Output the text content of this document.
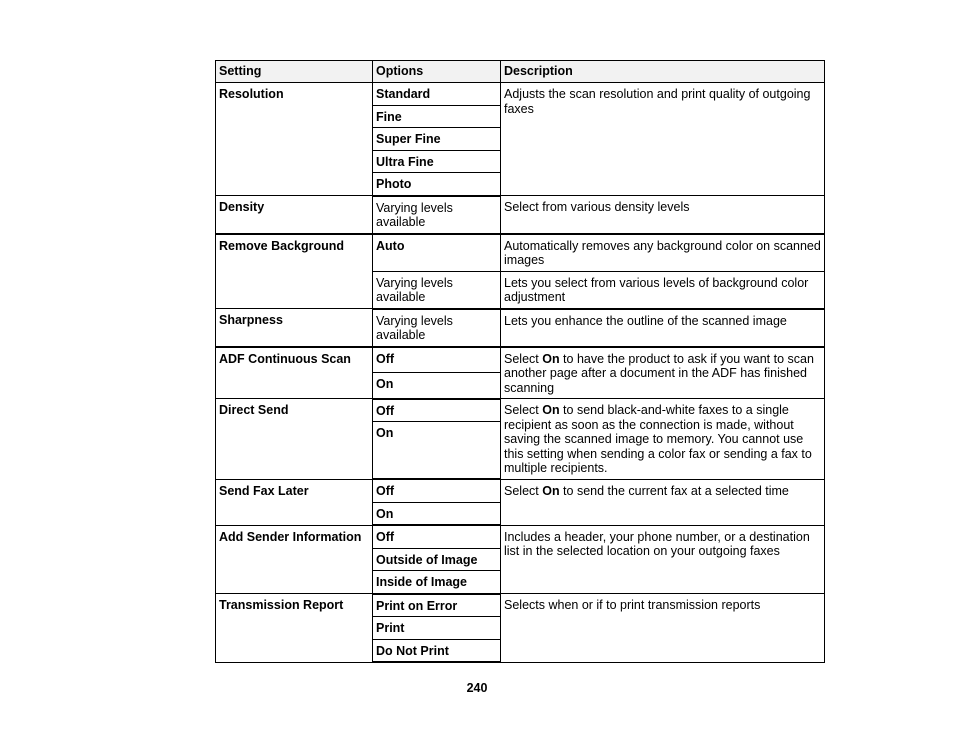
Setting	Options	Description
Resolution	Standard	Adjusts the scan resolution and print quality of outgoing faxes
	Fine	
	Super Fine	
	Ultra Fine	
	Photo	
Density	Varying levels available	Select from various density levels
Remove Background	Auto	Automatically removes any background color on scanned images
	Varying levels available	Lets you select from various levels of background color adjustment
Sharpness	Varying levels available	Lets you enhance the outline of the scanned image
ADF Continuous Scan	Off	Select On to have the product to ask if you want to scan another page after a document in the ADF has finished scanning
	On	
Direct Send	Off	Select On to send black-and-white faxes to a single recipient as soon as the connection is made, without saving the scanned image to memory. You cannot use this setting when sending a color fax or sending a fax to multiple recipients.
	On	
Send Fax Later	Off	Select On to send the current fax at a selected time
	On	
Add Sender Information	Off	Includes a header, your phone number, or a destination list in the selected location on your outgoing faxes
	Outside of Image	
	Inside of Image	
Transmission Report	Print on Error	Selects when or if to print transmission reports
	Print	
	Do Not Print	
240
